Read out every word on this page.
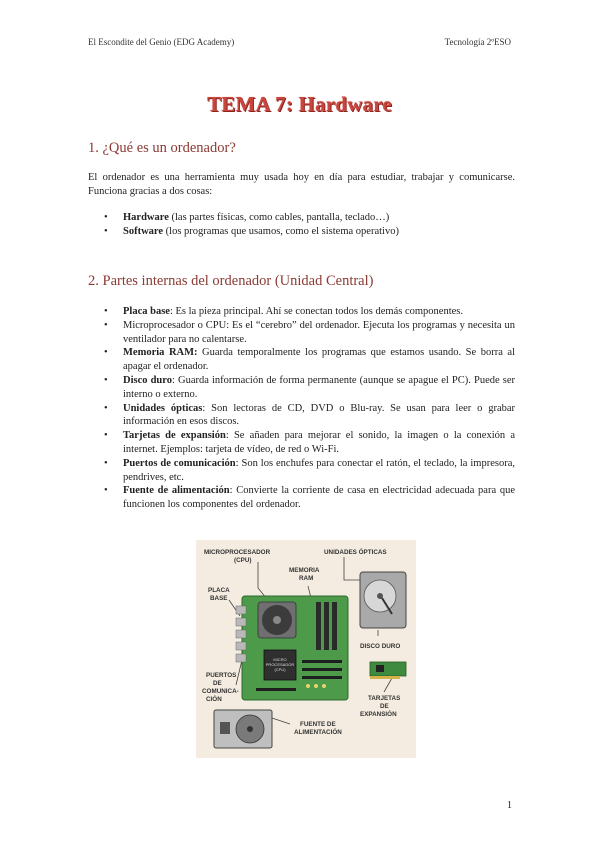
El Escondite del Genio (EDG Academy)	Tecnología 2ºESO
TEMA 7: Hardware
1. ¿Qué es un ordenador?
El ordenador es una herramienta muy usada hoy en día para estudiar, trabajar y comunicarse. Funciona gracias a dos cosas:
• Hardware (las partes físicas, como cables, pantalla, teclado…)
• Software (los programas que usamos, como el sistema operativo)
2. Partes internas del ordenador (Unidad Central)
• Placa base: Es la pieza principal. Ahí se conectan todos los demás componentes.
• Microprocesador o CPU: Es el “cerebro” del ordenador. Ejecuta los programas y necesita un ventilador para no calentarse.
• Memoria RAM: Guarda temporalmente los programas que estamos usando. Se borra al apagar el ordenador.
• Disco duro: Guarda información de forma permanente (aunque se apague el PC). Puede ser interno o externo.
• Unidades ópticas: Son lectoras de CD, DVD o Blu-ray. Se usan para leer o grabar información en esos discos.
• Tarjetas de expansión: Se añaden para mejorar el sonido, la imagen o la conexión a internet. Ejemplos: tarjeta de vídeo, de red o Wi-Fi.
• Puertos de comunicación: Son los enchufes para conectar el ratón, el teclado, la impresora, pendrives, etc.
• Fuente de alimentación: Convierte la corriente de casa en electricidad adecuada para que funcionen los componentes del ordenador.
MICROPROCESADOR (CPU)
UNIDADES ÓPTICAS
MEMORIA RAM
PLACA BASE
DISCO DURO
PUERTOS DE COMUNICA-CIÓN	TARJETAS DE EXPANSIÓN
FUENTE DE ALIMENTACIÓN
MICRO PROCESADOR (CPU)
1
